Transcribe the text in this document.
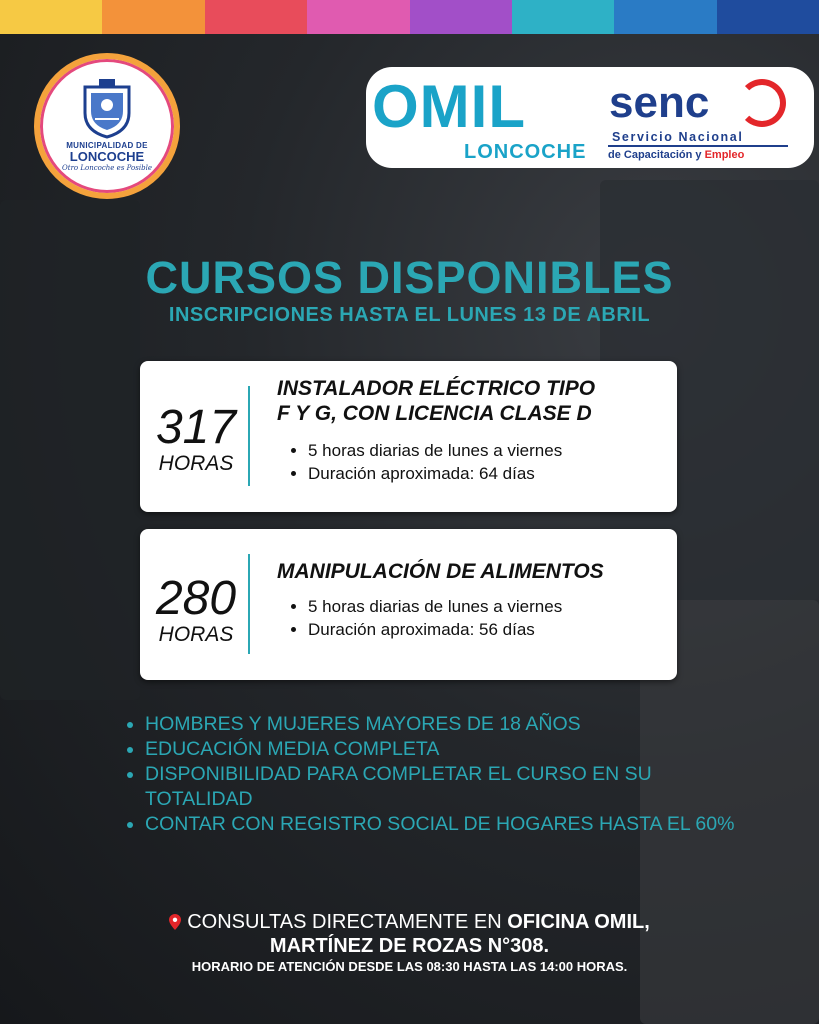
MUNICIPALIDAD DE
LONCOCHE
Otro Loncoche es Posible
OMIL
LONCOCHE
senc
Servicio Nacional
de Capacitación y Empleo
CURSOS DISPONIBLES
INSCRIPCIONES HASTA EL LUNES 13 DE ABRIL
317
HORAS
INSTALADOR ELÉCTRICO TIPO
F Y G, CON LICENCIA CLASE D
• 5 horas diarias de lunes a viernes
• Duración aproximada: 64 días
280
HORAS
MANIPULACIÓN DE ALIMENTOS
• 5 horas diarias de lunes a viernes
• Duración aproximada: 56 días
• HOMBRES Y MUJERES MAYORES DE 18 AÑOS
• EDUCACIÓN MEDIA COMPLETA
• DISPONIBILIDAD PARA COMPLETAR EL CURSO EN SU TOTALIDAD
• CONTAR CON REGISTRO SOCIAL DE HOGARES HASTA EL 60%
CONSULTAS DIRECTAMENTE EN OFICINA OMIL,
MARTÍNEZ DE ROZAS N°308.
HORARIO DE ATENCIÓN DESDE LAS 08:30 HASTA LAS 14:00 HORAS.
